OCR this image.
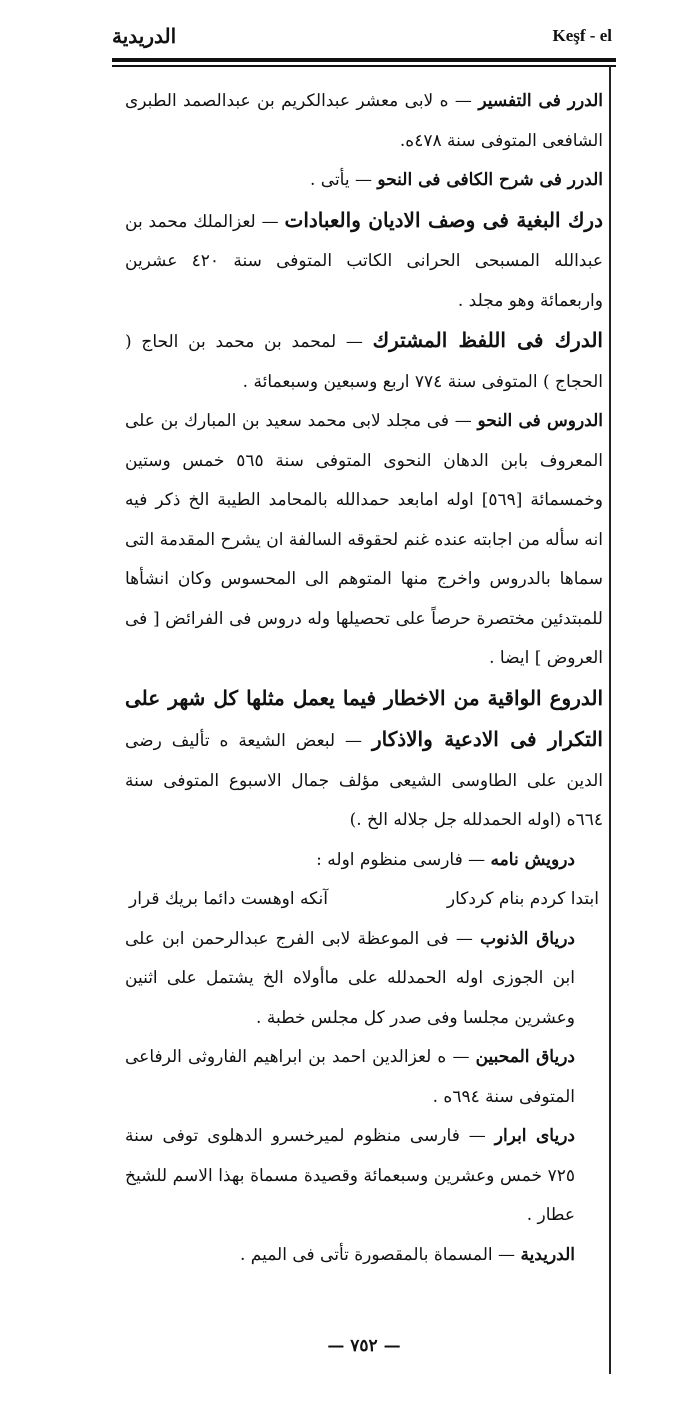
الدريدية	Keşf - el

الدرر فى التفسير — ه لابى معشر عبدالكريم بن عبدالصمد الطبرى الشافعى المتوفى سنة ٤٧٨ه.

الدرر فى شرح الكافى فى النحو — يأتى .

درك البغية فى وصف الاديان والعبادات — لعزالملك محمد بن عبدالله المسبحى الحرانى الكاتب المتوفى سنة ٤٢٠ عشرين واربعمائة وهو مجلد .

الدرك فى اللفظ المشترك — لمحمد بن محمد بن الحاج ( الحجاج ) المتوفى سنة ٧٧٤ اربع وسبعين وسبعمائة .

الدروس فى النحو — فى مجلد لابى محمد سعيد بن المبارك بن على المعروف بابن الدهان النحوى المتوفى سنة ٥٦٥ خمس وستين وخمسمائة [٥٦٩] اوله امابعد حمدالله بالمحامد الطيبة الخ ذكر فيه انه سأله من اجابته عنده غنم لحقوقه السالفة ان يشرح المقدمة التى سماها بالدروس واخرج منها المتوهم الى المحسوس وكان انشأها للمبتدئين مختصرة حرصاً على تحصيلها وله دروس فى الفرائض [ فى العروض ] ايضا .

الدروع الواقية من الاخطار فيما يعمل مثلها كل شهر على التكرار فى الادعية والاذكار — لبعض الشيعة ه تأليف رضى الدين على الطاوسى الشيعى مؤلف جمال الاسبوع المتوفى سنة ٦٦٤ه (اوله الحمدلله جل جلاله الخ .)

درويش نامه — فارسى منظوم اوله :

ابتدا كردم بنام كردكار
آنكه اوهست دائما بريك قرار

درياق الذنوب — فى الموعظة لابى الفرج عبدالرحمن ابن على ابن الجوزى اوله الحمدلله على ماأولاه الخ يشتمل على اثنين وعشرين مجلسا وفى صدر كل مجلس خطبة .

درياق المحبين — ه لعزالدين احمد بن ابراهيم الفاروثى الرفاعى المتوفى سنة ٦٩٤ه .

درياى ابرار — فارسى منظوم لميرخسرو الدهلوى توفى سنة ٧٢٥ خمس وعشرين وسبعمائة وقصيدة مسماة بهذا الاسم للشيخ عطار .

الدريدية — المسماة بالمقصورة تأتى فى الميم .

— ٧٥٢ —
